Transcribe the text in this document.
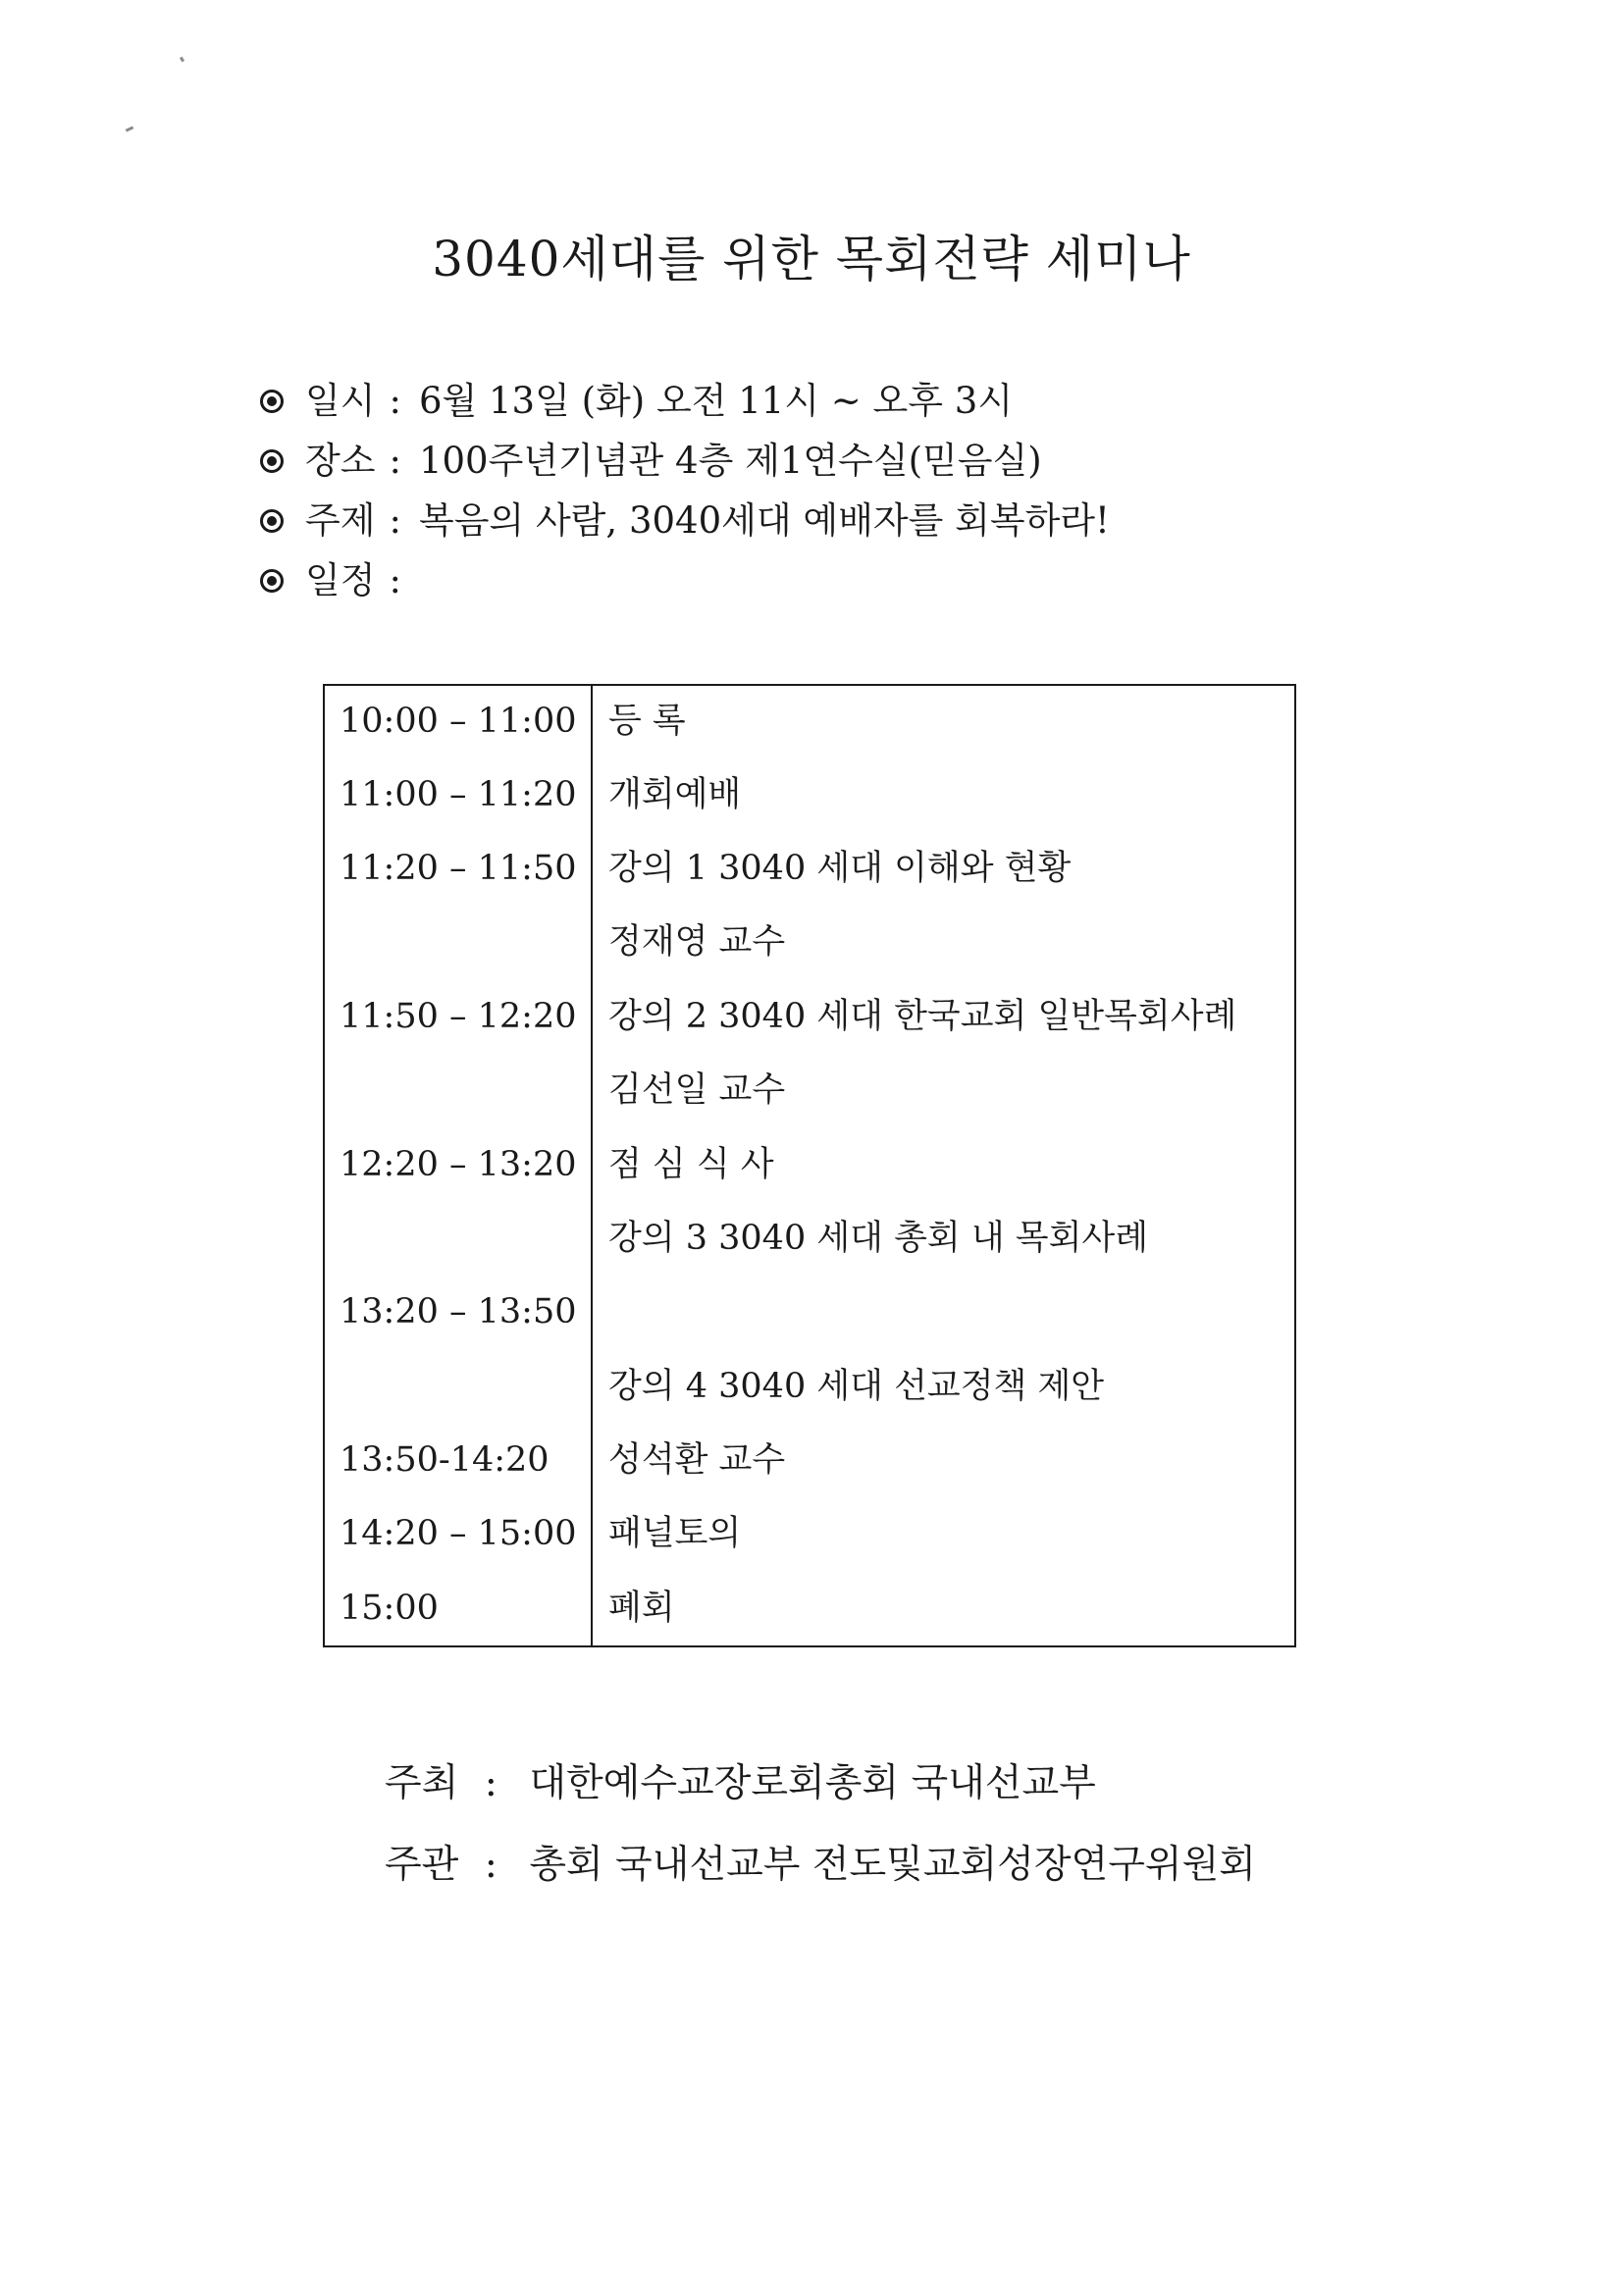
3040세대를 위한 목회전략 세미나
일시 : 6월 13일 (화) 오전 11시 ~ 오후 3시
장소 : 100주년기념관 4층 제1연수실(믿음실)
주제 : 복음의 사람, 3040세대 예배자를 회복하라!
일정 :
10:00 – 11:00 등 록
11:00 – 11:20 개회예배
11:20 – 11:50 강의 1 3040 세대 이해와 현황
정재영 교수
11:50 – 12:20 강의 2 3040 세대 한국교회 일반목회사례
김선일 교수
12:20 – 13:20 점 심 식 사
강의 3 3040 세대 총회 내 목회사례
13:20 – 13:50
강의 4 3040 세대 선교정책 제안
13:50-14:20 성석환 교수
14:20 – 15:00 패널토의
15:00	폐회
주최 : 대한예수교장로회총회 국내선교부
주관 : 총회 국내선교부 전도및교회성장연구위원회
